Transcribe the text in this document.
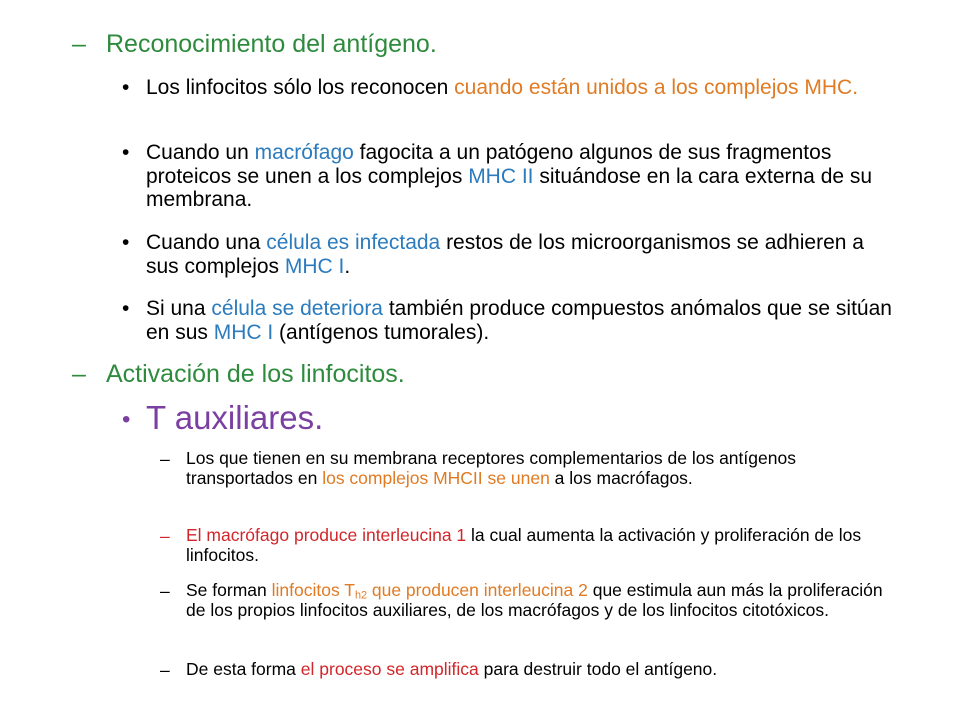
– Reconocimiento del antígeno.
• Los linfocitos sólo los reconocen cuando están unidos a los complejos MHC.
• Cuando un macrófago fagocita a un patógeno algunos de sus fragmentos proteicos se unen a los complejos MHC II situándose en la cara externa de su membrana.
• Cuando una célula es infectada restos de los microorganismos se adhieren a sus complejos MHC I.
• Si una célula se deteriora también produce compuestos anómalos que se sitúan en sus MHC I (antígenos tumorales).
– Activación de los linfocitos.
• T auxiliares.
– Los que tienen en su membrana receptores complementarios de los antígenos transportados en los complejos MHCII se unen a los macrófagos.
– El macrófago produce interleucina 1 la cual aumenta la activación y proliferación de los linfocitos.
– Se forman linfocitos $T_{h2}$ que producen interleucina 2 que estimula aun más la proliferación de los propios linfocitos auxiliares, de los macrófagos y de los linfocitos citotóxicos.
– De esta forma el proceso se amplifica para destruir todo el antígeno.
